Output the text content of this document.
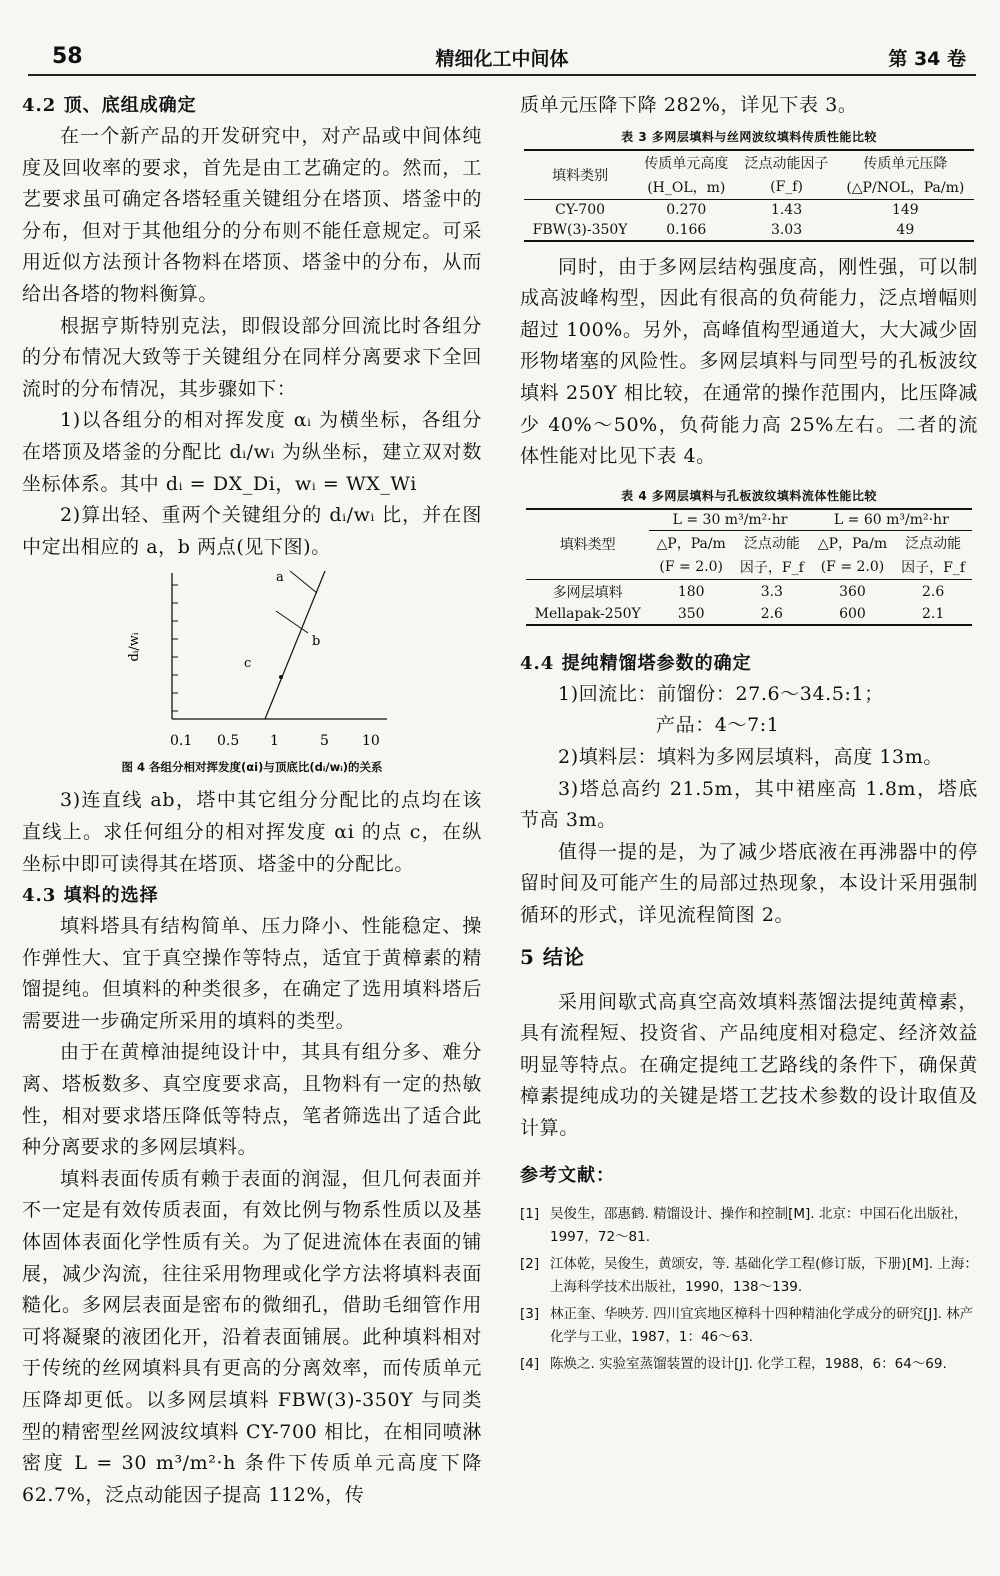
58	精细化工中间体	第 34 卷
4.2 顶、底组成确定

在一个新产品的开发研究中，对产品或中间体纯度及回收率的要求，首先是由工艺确定的。然而，工艺要求虽可确定各塔轻重关键组分在塔顶、塔釜中的分布，但对于其他组分的分布则不能任意规定。可采用近似方法预计各物料在塔顶、塔釜中的分布，从而给出各塔的物料衡算。

根据亨斯特别克法，即假设部分回流比时各组分的分布情况大致等于关键组分在同样分离要求下全回流时的分布情况，其步骤如下：

1)以各组分的相对挥发度 αᵢ 为横坐标，各组分在塔顶及塔釜的分配比 dᵢ/wᵢ 为纵坐标，建立双对数坐标体系。其中 dᵢ = DX_Di，wᵢ = WX_Wi

2)算出轻、重两个关键组分的 dᵢ/wᵢ 比，并在图中定出相应的 a，b 两点(见下图)。

a
b
c
dᵢ/wᵢ
0.1 0.5 1	5 10
图 4 各组分相对挥发度(αi)与顶底比(dᵢ/wᵢ)的关系

3)连直线 ab，塔中其它组分分配比的点均在该直线上。求任何组分的相对挥发度 αi 的点 c，在纵坐标中即可读得其在塔顶、塔釜中的分配比。

4.3 填料的选择

填料塔具有结构简单、压力降小、性能稳定、操作弹性大、宜于真空操作等特点，适宜于黄樟素的精馏提纯。但填料的种类很多，在确定了选用填料塔后需要进一步确定所采用的填料的类型。

由于在黄樟油提纯设计中，其具有组分多、难分离、塔板数多、真空度要求高，且物料有一定的热敏性，相对要求塔压降低等特点，笔者筛选出了适合此种分离要求的多网层填料。

填料表面传质有赖于表面的润湿，但几何表面并不一定是有效传质表面，有效比例与物系性质以及基体固体表面化学性质有关。为了促进流体在表面的铺展，减少沟流，往往采用物理或化学方法将填料表面糙化。多网层表面是密布的微细孔，借助毛细管作用可将凝聚的液团化开，沿着表面铺展。此种填料相对于传统的丝网填料具有更高的分离效率，而传质单元压降却更低。以多网层填料 FBW(3)-350Y 与同类型的精密型丝网波纹填料 CY-700 相比，在相同喷淋密度 L = 30 m³/m²·h 条件下传质单元高度下降 62.7%，泛点动能因子提高 112%，传

质单元压降下降 282%，详见下表 3。

表 3 多网层填料与丝网波纹填料传质性能比较
填料类别	传质单元高度	泛点动能因子	传质单元压降
	(H_OL，m)	(F_f)	(△P/NOL，Pa/m)
CY-700	0.270	1.43	149
FBW(3)-350Y	0.166	3.03	49

同时，由于多网层结构强度高，刚性强，可以制成高波峰构型，因此有很高的负荷能力，泛点增幅则超过 100%。另外，高峰值构型通道大，大大减少固形物堵塞的风险性。多网层填料与同型号的孔板波纹填料 250Y 相比较，在通常的操作范围内，比压降减少 40%～50%，负荷能力高 25%左右。二者的流体性能对比见下表 4。

表 4 多网层填料与孔板波纹填料流体性能比较
填料类型	L = 30 m³/m²·hr		L = 60 m³/m²·hr	
	△P，Pa/m	泛点动能	△P，Pa/m	泛点动能
	(F = 2.0)	因子，F_f	(F = 2.0)	因子，F_f
多网层填料	180	3.3	360	2.6
Mellapak-250Y	350	2.6	600	2.1
4.4 提纯精馏塔参数的确定

1)回流比：前馏份：27.6～34.5:1；

产品：4～7:1

2)填料层：填料为多网层填料，高度 13m。

3)塔总高约 21.5m，其中裙座高 1.8m，塔底节高 3m。

值得一提的是，为了减少塔底液在再沸器中的停留时间及可能产生的局部过热现象，本设计采用强制循环的形式，详见流程简图 2。

5 结论

采用间歇式高真空高效填料蒸馏法提纯黄樟素，具有流程短、投资省、产品纯度相对稳定、经济效益明显等特点。在确定提纯工艺路线的条件下，确保黄樟素提纯成功的关键是塔工艺技术参数的设计取值及计算。

参考文献：
[1] 吴俊生，邵惠鹤. 精馏设计、操作和控制[M]. 北京：中国石化出版社，1997，72～81.
[2] 江体乾，吴俊生，黄颂安，等. 基础化学工程(修订版，下册)[M]. 上海：上海科学技术出版社，1990，138～139.
[3] 林正奎、华映芳. 四川宜宾地区樟科十四种精油化学成分的研究[J]. 林产化学与工业，1987，1：46～63.
[4] 陈焕之. 实验室蒸馏装置的设计[J]. 化学工程，1988，6：64～69.
